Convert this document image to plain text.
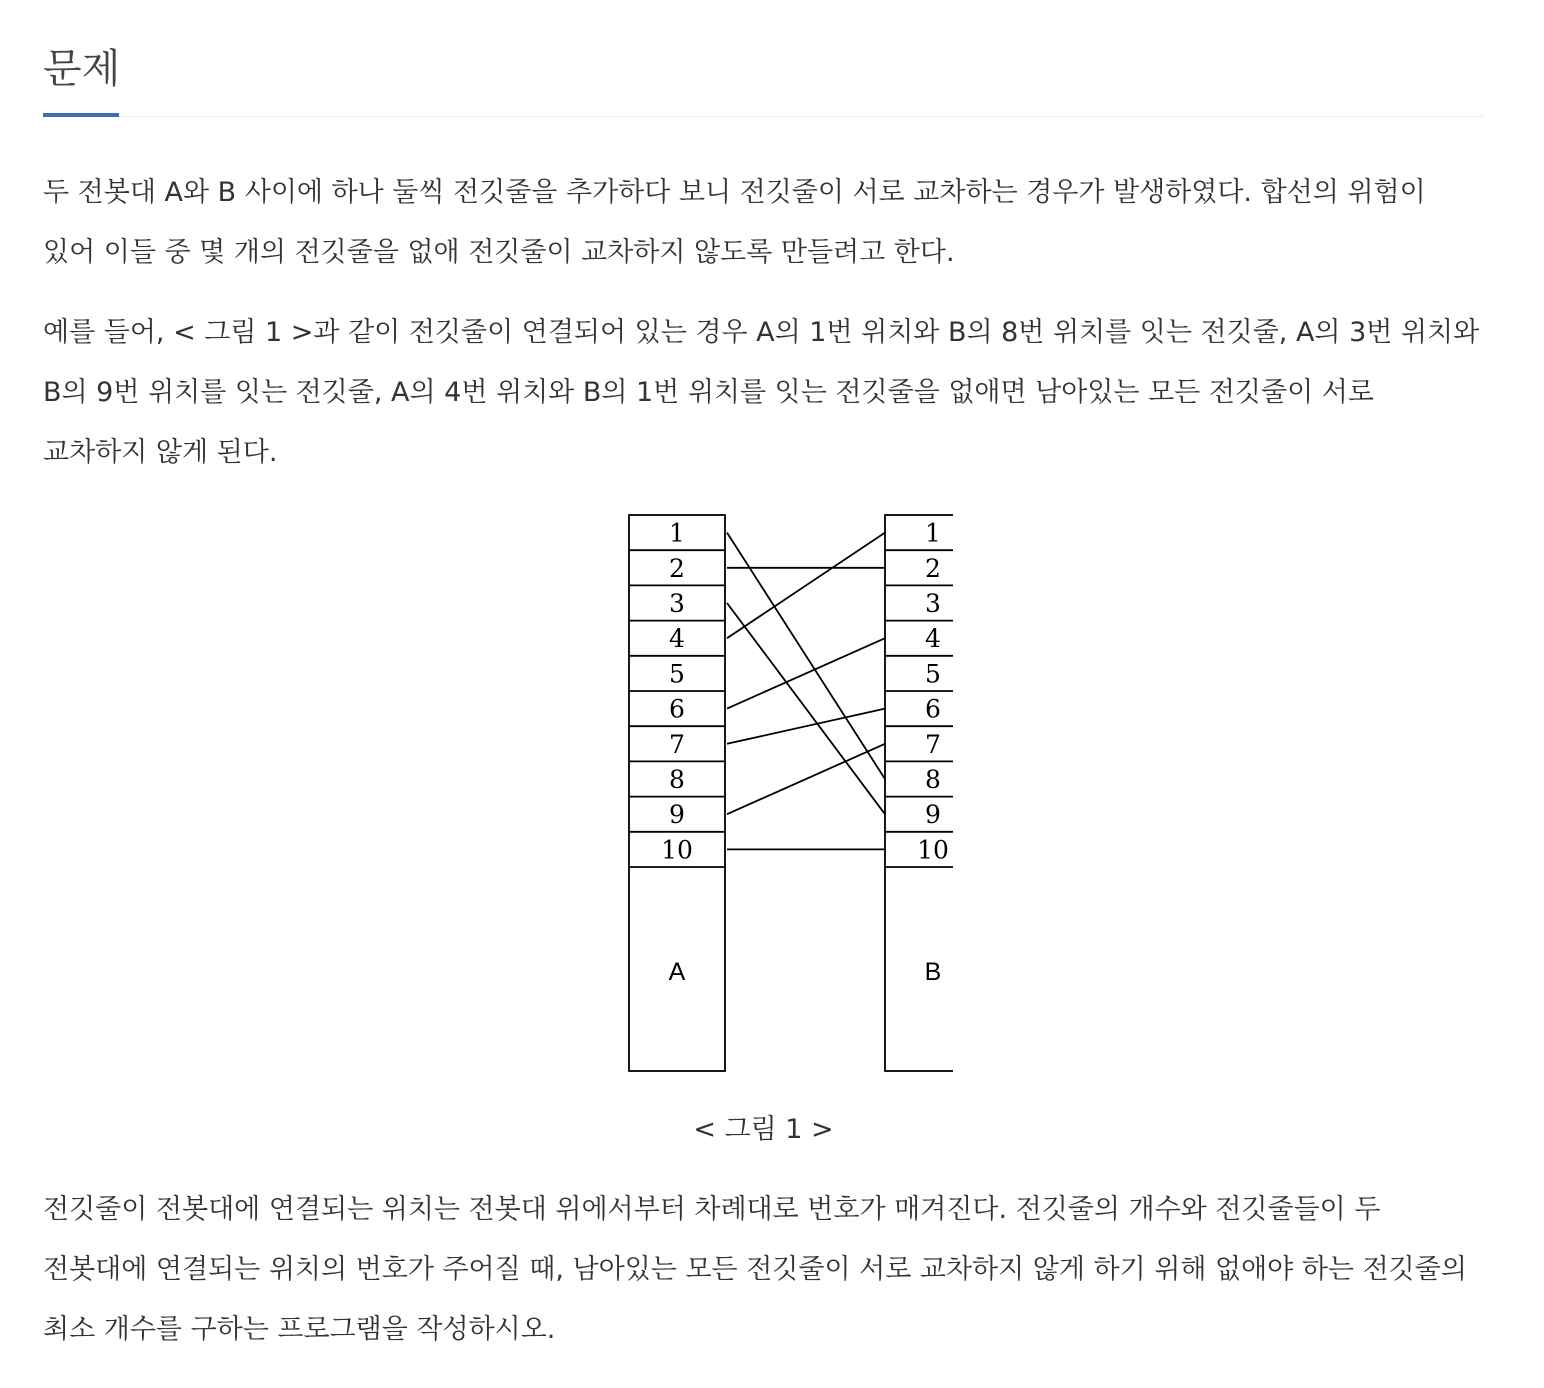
문제

두 전봇대 A와 B 사이에 하나 둘씩 전깃줄을 추가하다 보니 전깃줄이 서로 교차하는 경우가 발생하였다. 합선의 위험이 있어 이들 중 몇 개의 전깃줄을 없애 전깃줄이 교차하지 않도록 만들려고 한다.

예를 들어, < 그림 1 >과 같이 전깃줄이 연결되어 있는 경우 A의 1번 위치와 B의 8번 위치를 잇는 전깃줄, A의 3번 위치와 B의 9번 위치를 잇는 전깃줄, A의 4번 위치와 B의 1번 위치를 잇는 전깃줄을 없애면 남아있는 모든 전깃줄이 서로 교차하지 않게 된다.

1
2
3
4
5
6
7
8
9
10
A
1
2
3
4
5
6
7
8
9
10
B
< 그림 1 >

전깃줄이 전봇대에 연결되는 위치는 전봇대 위에서부터 차례대로 번호가 매겨진다. 전깃줄의 개수와 전깃줄들이 두 전봇대에 연결되는 위치의 번호가 주어질 때, 남아있는 모든 전깃줄이 서로 교차하지 않게 하기 위해 없애야 하는 전깃줄의 최소 개수를 구하는 프로그램을 작성하시오.
